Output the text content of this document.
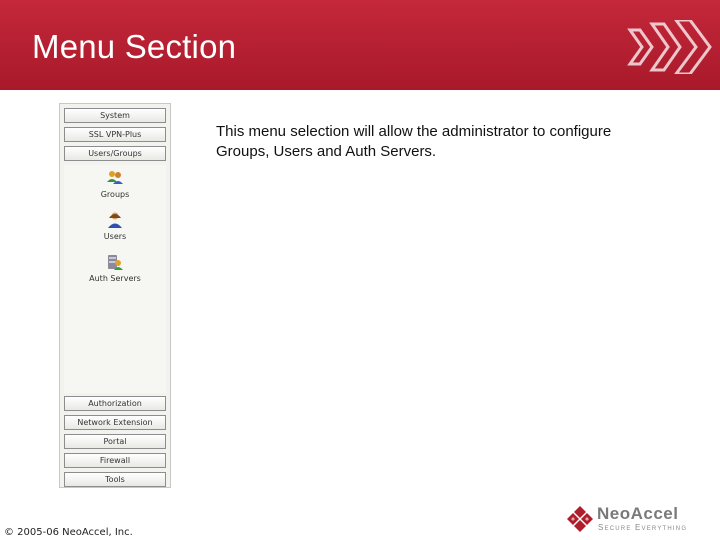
Menu Section
System
SSL VPN-Plus
Users/Groups
Groups
Users
Auth Servers
Authorization
Network Extension
Portal
Firewall
Tools
This menu selection will allow the administrator to configure Groups, Users and Auth Servers.
© 2005-06 NeoAccel, Inc.
NeoAccel
Secure Everything
